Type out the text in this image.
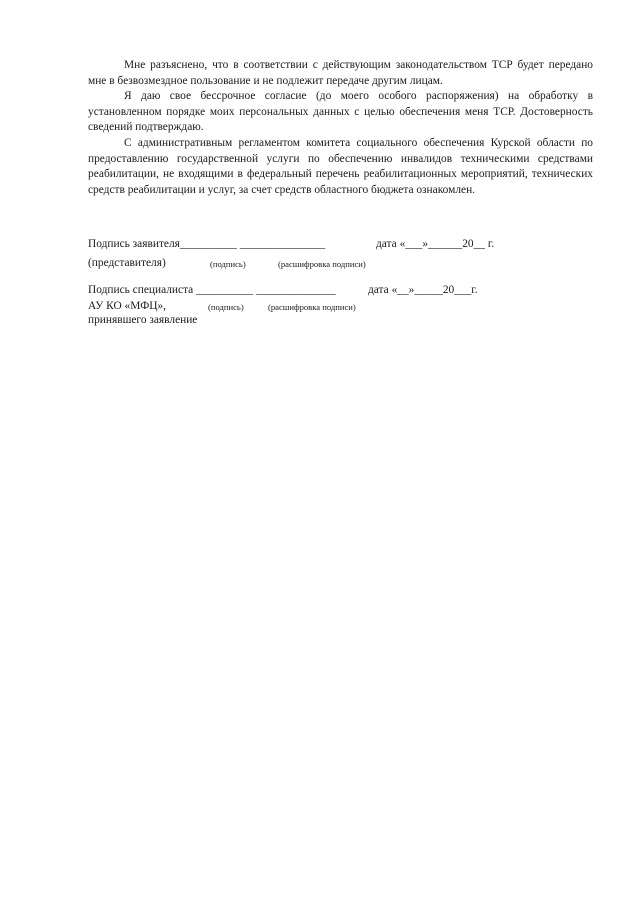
Мне разъяснено, что в соответствии с действующим законодательством ТСР будет передано мне в безвозмездное пользование и не подлежит передаче другим лицам.

Я даю свое бессрочное согласие (до моего особого распоряжения) на обработку в установленном порядке моих персональных данных с целью обеспечения меня ТСР. Достоверность сведений подтверждаю.

С административным регламентом комитета социального обеспечения Курской области по предоставлению государственной услуги по обеспечению инвалидов техническими средствами реабилитации, не входящими в федеральный перечень реабилитационных мероприятий, технических средств реабилитации и услуг, за счет средств областного бюджета ознакомлен.

Подпись заявителя__________ _______________	дата «___»______20__ г.
(представителя)	(подпись)	(расшифровка подписи)
Подпись специалиста __________ ______________	дата «__»_____20___г.
АУ КО «МФЦ»,	(подпись)	(расшифровка подписи)
принявшего заявление
